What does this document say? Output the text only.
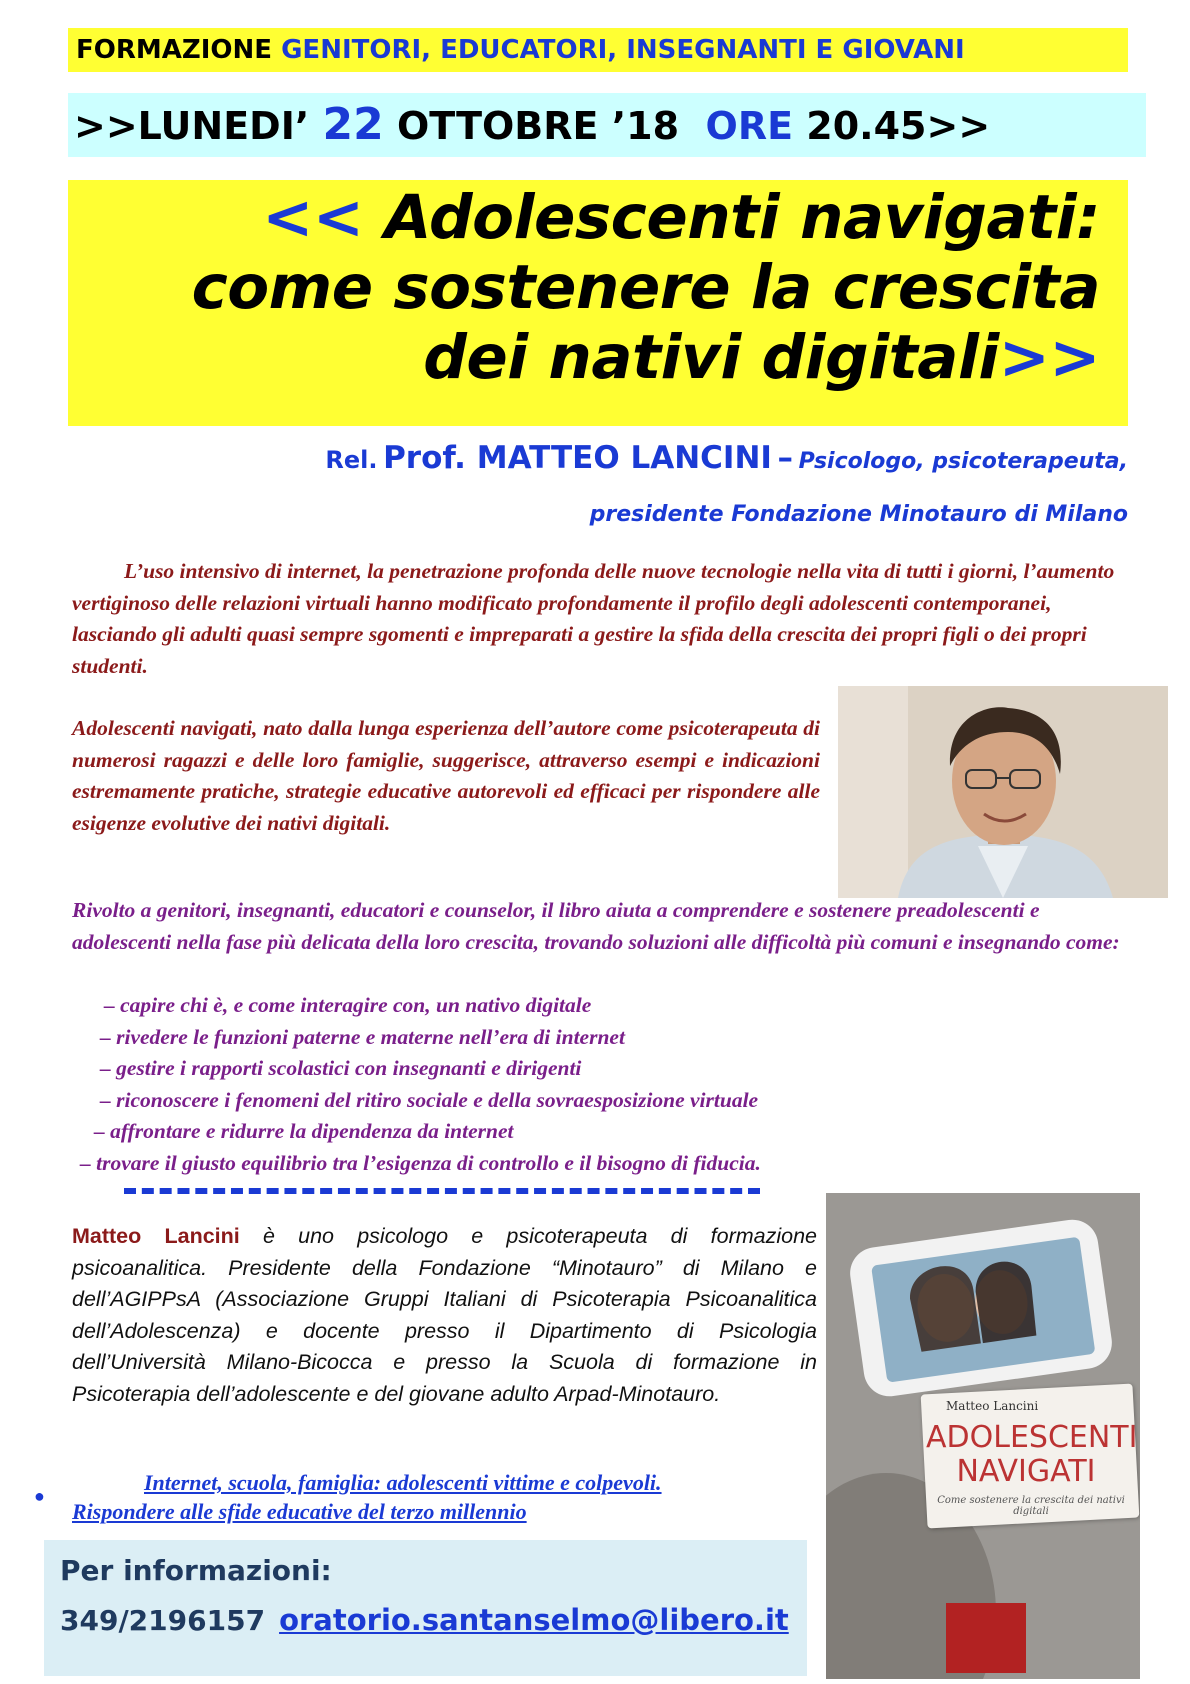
FORMAZIONE GENITORI, EDUCATORI, INSEGNANTI E GIOVANI
>>LUNEDI’ 22 OTTOBRE ’18 ORE 20.45>>
<< Adolescenti navigati:
come sostenere la crescita
dei nativi digitali>>
Rel. Prof. MATTEO LANCINI – Psicologo, psicoterapeuta,
presidente Fondazione Minotauro di Milano
L’uso intensivo di internet, la penetrazione profonda delle nuove tecnologie nella vita di tutti i giorni, l’aumento vertiginoso delle relazioni virtuali hanno modificato profondamente il profilo degli adolescenti contemporanei, lasciando gli adulti quasi sempre sgomenti e impreparati a gestire la sfida della crescita dei propri figli o dei propri studenti.
Adolescenti navigati, nato dalla lunga esperienza dell’autore come psicoterapeuta di numerosi ragazzi e delle loro famiglie, suggerisce, attraverso esempi e indicazioni estremamente pratiche, strategie educative autorevoli ed efficaci per rispondere alle esigenze evolutive dei nativi digitali.
Rivolto a genitori, insegnanti, educatori e counselor, il libro aiuta a comprendere e sostenere preadolescenti e adolescenti nella fase più delicata della loro crescita, trovando soluzioni alle difficoltà più comuni e insegnando come:
– capire chi è, e come interagire con, un nativo digitale
– rivedere le funzioni paterne e materne nell’era di internet
– gestire i rapporti scolastici con insegnanti e dirigenti
– riconoscere i fenomeni del ritiro sociale e della sovraesposizione virtuale
– affrontare e ridurre la dipendenza da internet
– trovare il giusto equilibrio tra l’esigenza di controllo e il bisogno di fiducia.
Matteo Lancini è uno psicologo e psicoterapeuta di formazione psicoanalitica. Presidente della Fondazione “Minotauro” di Milano e dell’AGIPPsA (Associazione Gruppi Italiani di Psicoterapia Psicoanalitica dell’Adolescenza) e docente presso il Dipartimento di Psicologia dell’Università Milano-Bicocca e presso la Scuola di formazione in Psicoterapia dell’adolescente e del giovane adulto Arpad-Minotauro.
Matteo Lancini
ADOLESCENTI
NAVIGATI
Come sostenere la crescita dei nativi digitali
●
Internet, scuola, famiglia: adolescenti vittime e colpevoli.
Rispondere alle sfide educative del terzo millennio
Per informazioni:
349/2196157 oratorio.santanselmo@libero.it
